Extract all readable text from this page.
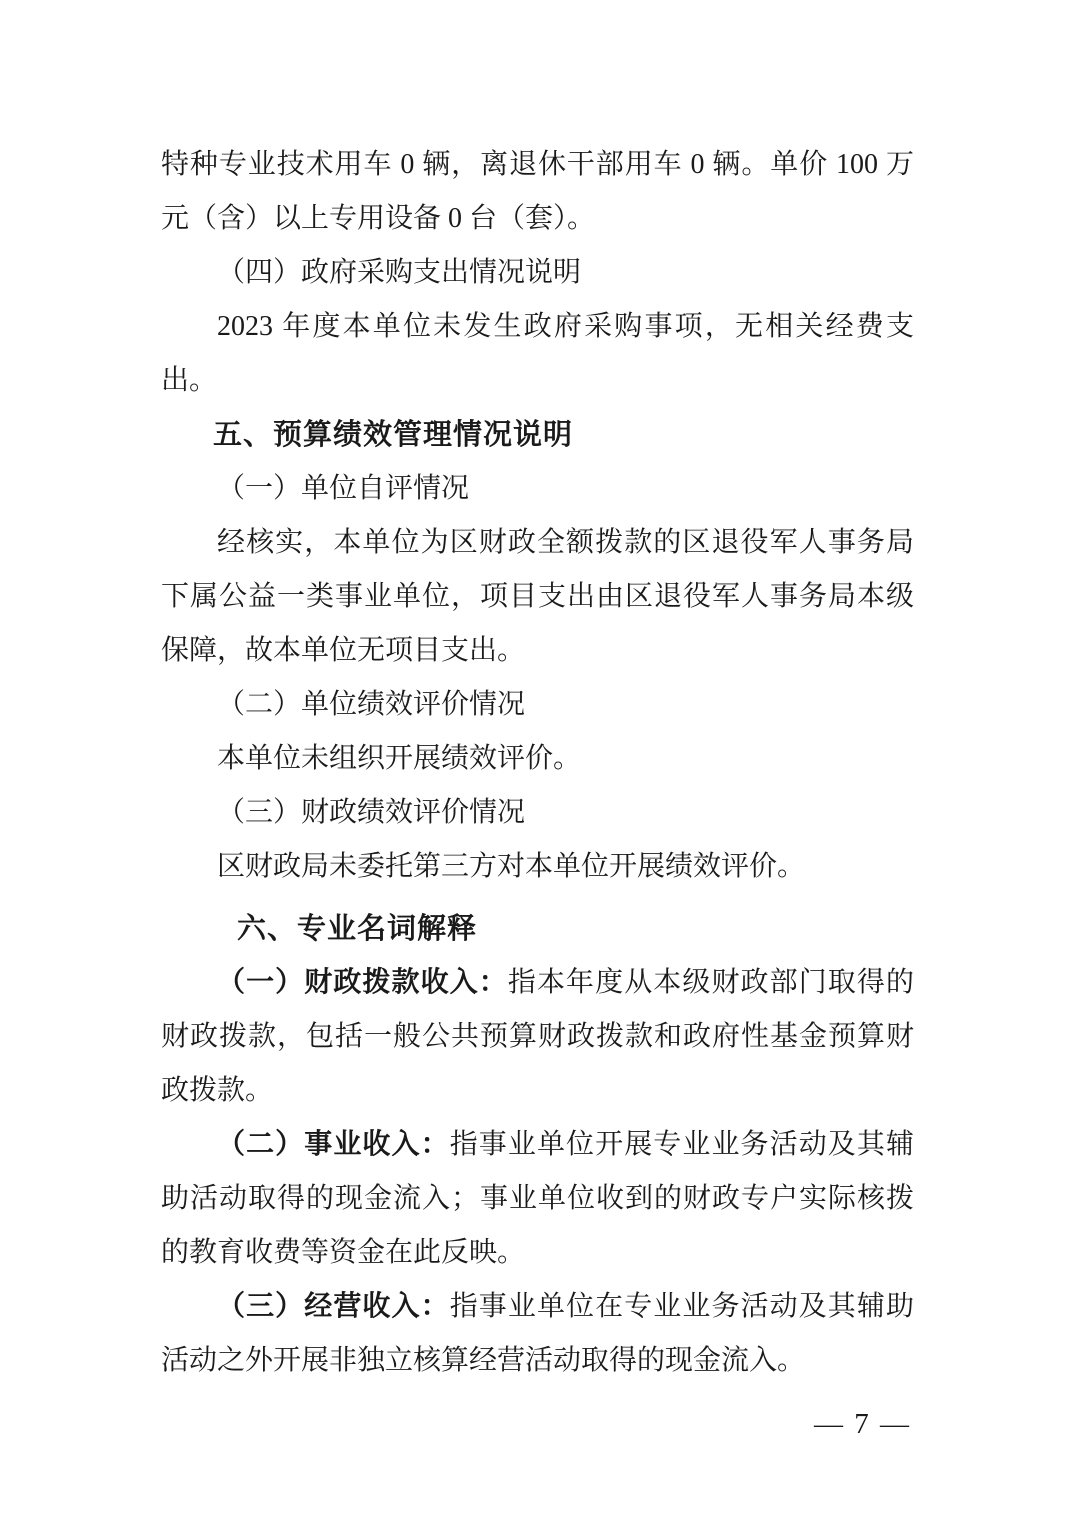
特种专业技术用车 0 辆，离退休干部用车 0 辆。单价 100 万
元（含）以上专用设备 0 台（套）。

（四）政府采购支出情况说明

2023 年度本单位未发生政府采购事项，无相关经费支
出。

五、预算绩效管理情况说明

（一）单位自评情况

经核实，本单位为区财政全额拨款的区退役军人事务局
下属公益一类事业单位，项目支出由区退役军人事务局本级
保障，故本单位无项目支出。

（二）单位绩效评价情况

本单位未组织开展绩效评价。

（三）财政绩效评价情况

区财政局未委托第三方对本单位开展绩效评价。

六、专业名词解释

（一）财政拨款收入：指本年度从本级财政部门取得的
财政拨款，包括一般公共预算财政拨款和政府性基金预算财
政拨款。

（二）事业收入：指事业单位开展专业业务活动及其辅
助活动取得的现金流入；事业单位收到的财政专户实际核拨
的教育收费等资金在此反映。

（三）经营收入：指事业单位在专业业务活动及其辅助
活动之外开展非独立核算经营活动取得的现金流入。

— 7 —
